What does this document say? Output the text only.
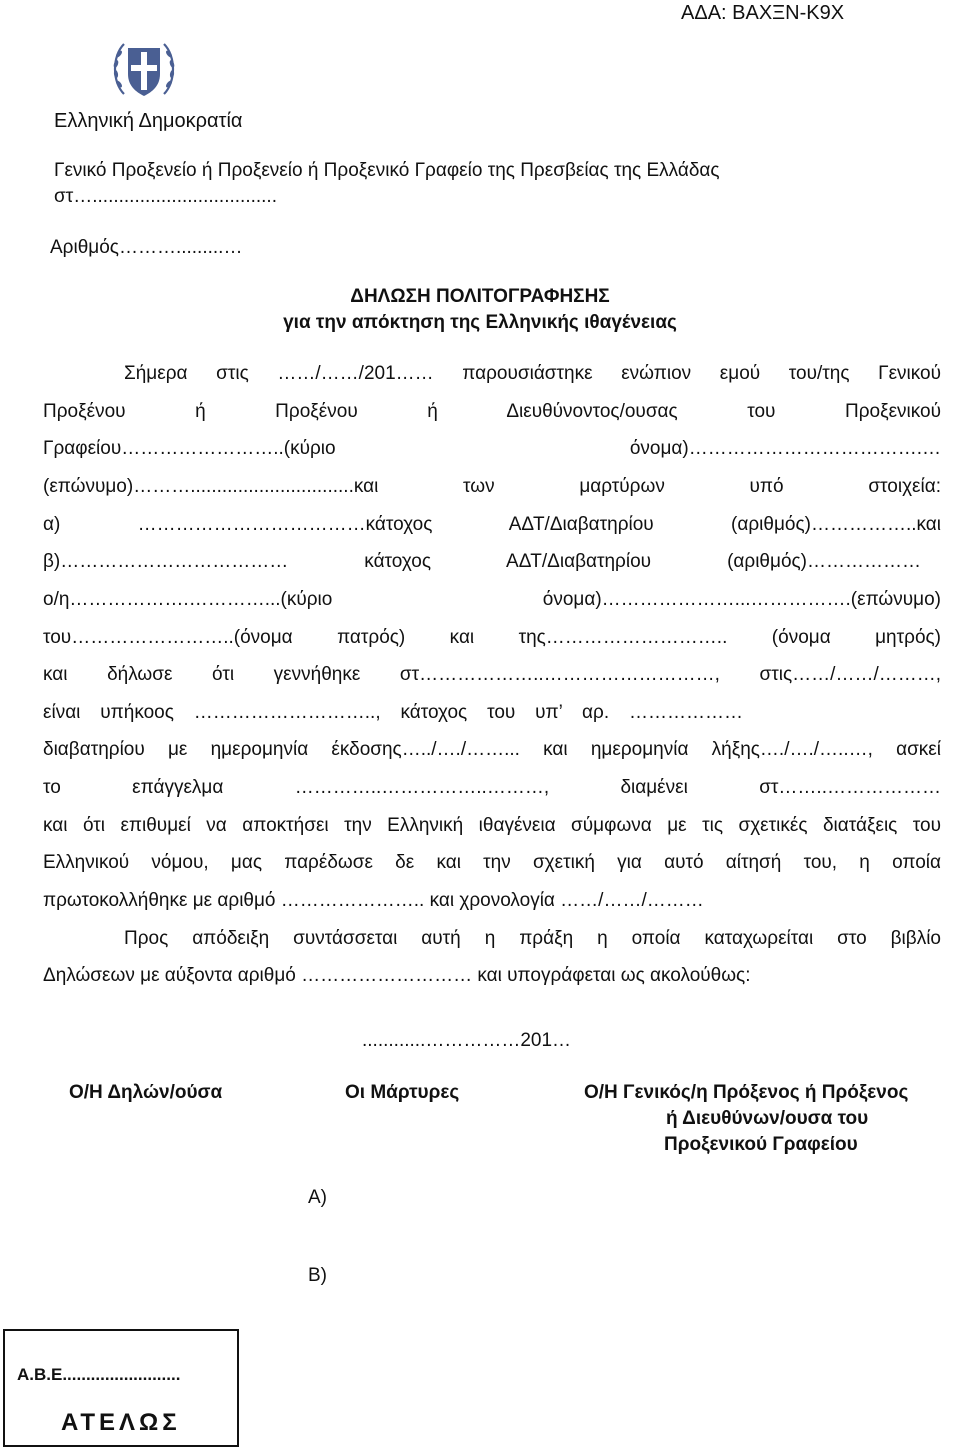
ΑΔΑ: ΒΑΧΞΝ-Κ9Χ
Ελληνική Δημοκρατία
Γενικό Προξενείο ή Προξενείο ή Προξενικό Γραφείο της Πρεσβείας της Ελλάδας
στ…...................................
Αριθμός……….........…
ΔΗΛΩΣΗ ΠΟΛΙΤΟΓΡΑΦΗΣΗΣ
για την απόκτηση της Ελληνικής ιθαγένειας
Σήμερα στις ……/……/201…… παρουσιάστηκε ενώπιον εμού του/της Γενικού
Προξένου ή Προξένου ή Διευθύνοντος/ουσας του Προξενικού
Γραφείου……………………..(κύριο όνομα)……………………………….…
(επώνυμο)………...............................και των μαρτύρων υπό στοιχεία:
α) ………………………………κάτοχος ΑΔΤ/Διαβατηρίου (αριθμός)……………..και
β)……………………………… κάτοχος ΑΔΤ/Διαβατηρίου (αριθμός)………………
ο/η……………….…………...(κύριο όνομα)…………………...…………….(επώνυμο)
του……………………..(όνομα πατρός) και της……………………….. (όνομα μητρός)
και δήλωσε ότι γεννήθηκε στ………………..………………………, στις……/……/………,
είναι υπήκοος ……………………….., κάτοχος του υπ’ αρ. ………………
διαβατηρίου με ημερομηνία έκδοσης…../…./……... και ημερομηνία λήξης…./…./…..…, ασκεί
το επάγγελμα …………..……………..………, διαμένει στ……..………………
και ότι επιθυμεί να αποκτήσει την Ελληνική ιθαγένεια σύμφωνα με τις σχετικές διατάξεις του
Ελληνικού νόμου, μας παρέδωσε δε και την σχετική για αυτό αίτησή του, η οποία
πρωτοκολλήθηκε με αριθμό ………………….. και χρονολογία ……/……/………
Προς απόδειξη συντάσσεται αυτή η πράξη η οποία καταχωρείται στο βιβλίο
Δηλώσεων με αύξοντα αριθμό ……………………… και υπογράφεται ως ακολούθως:
............……………201…
Ο/Η Δηλών/ούσα	Οι Μάρτυρες	Ο/Η Γενικός/η Πρόξενος ή Πρόξενος
ή Διευθύνων/ουσα του
Προξενικού Γραφείου
Α)
Β)
Α.Β.Ε.........................
ΑΤΕΛΩΣ
